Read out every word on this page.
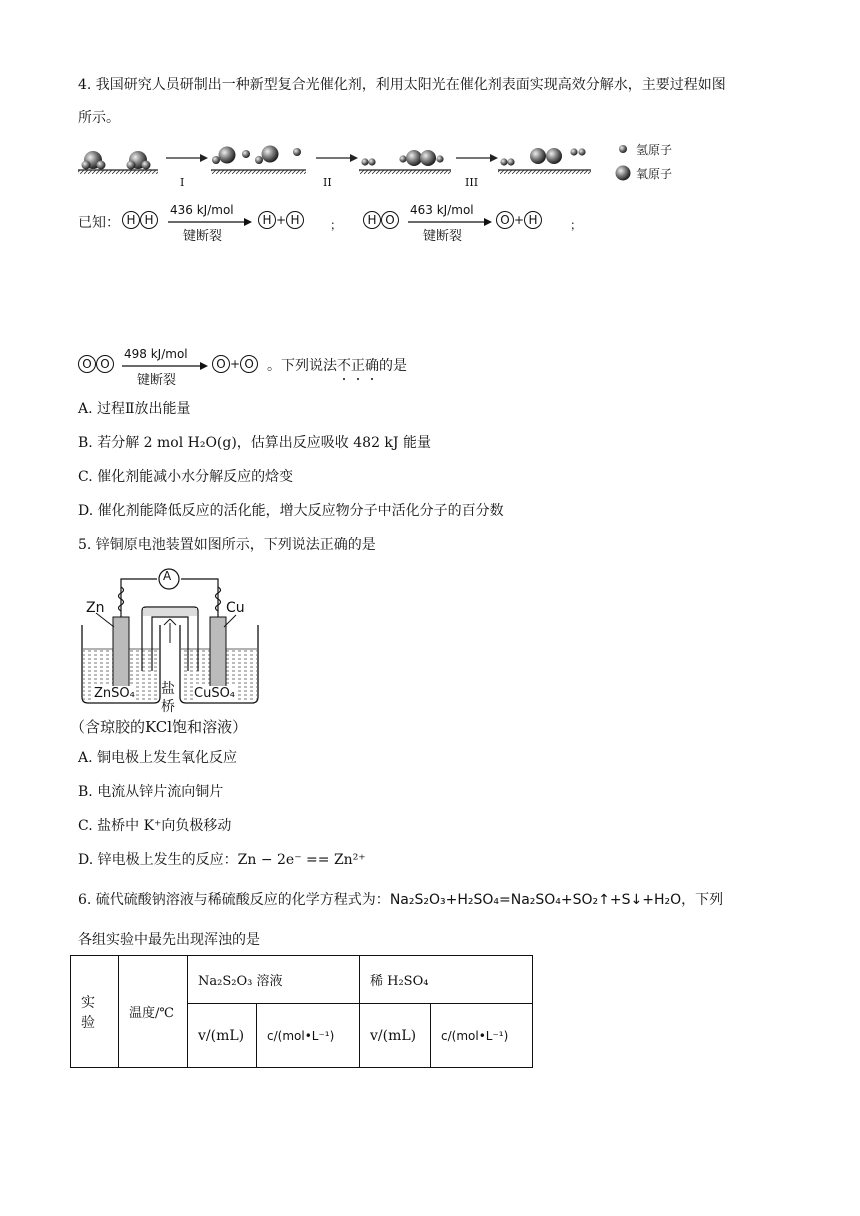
4. 我国研究人员研制出一种新型复合光催化剂，利用太阳光在催化剂表面实现高效分解水，主要过程如图
所示。
I	II	III
氢原子
氧原子
已知： H H
436 kJ/mol
键断裂
H + H	；	H O
463 kJ/mol
键断裂
O + H	；
O O
498 kJ/mol
键断裂
O + O 。下列说法不正确的是
A. 过程Ⅱ放出能量
B. 若分解 2 mol H₂O(g)，估算出反应吸收 482 kJ 能量
C. 催化剂能减小水分解反应的焓变
D. 催化剂能降低反应的活化能，增大反应物分子中活化分子的百分数
5. 锌铜原电池装置如图所示，下列说法正确的是
A
Zn	Cu
ZnSO₄	CuSO₄
盐
桥
（含琼胶的KCl饱和溶液）
A. 铜电极上发生氧化反应
B. 电流从锌片流向铜片
C. 盐桥中 K⁺向负极移动
D. 锌电极上发生的反应：Zn − 2e⁻ == Zn²⁺
6. 硫代硫酸钠溶液与稀硫酸反应的化学方程式为：Na₂S₂O₃+H₂SO₄=Na₂SO₄+SO₂↑+S↓+H₂O，下列
各组实验中最先出现浑浊的是
实验	温度/℃	Na₂S₂O₃ 溶液		稀 H₂SO₄	
		v/(mL)	c/(mol•L⁻¹)	v/(mL)	c/(mol•L⁻¹)
